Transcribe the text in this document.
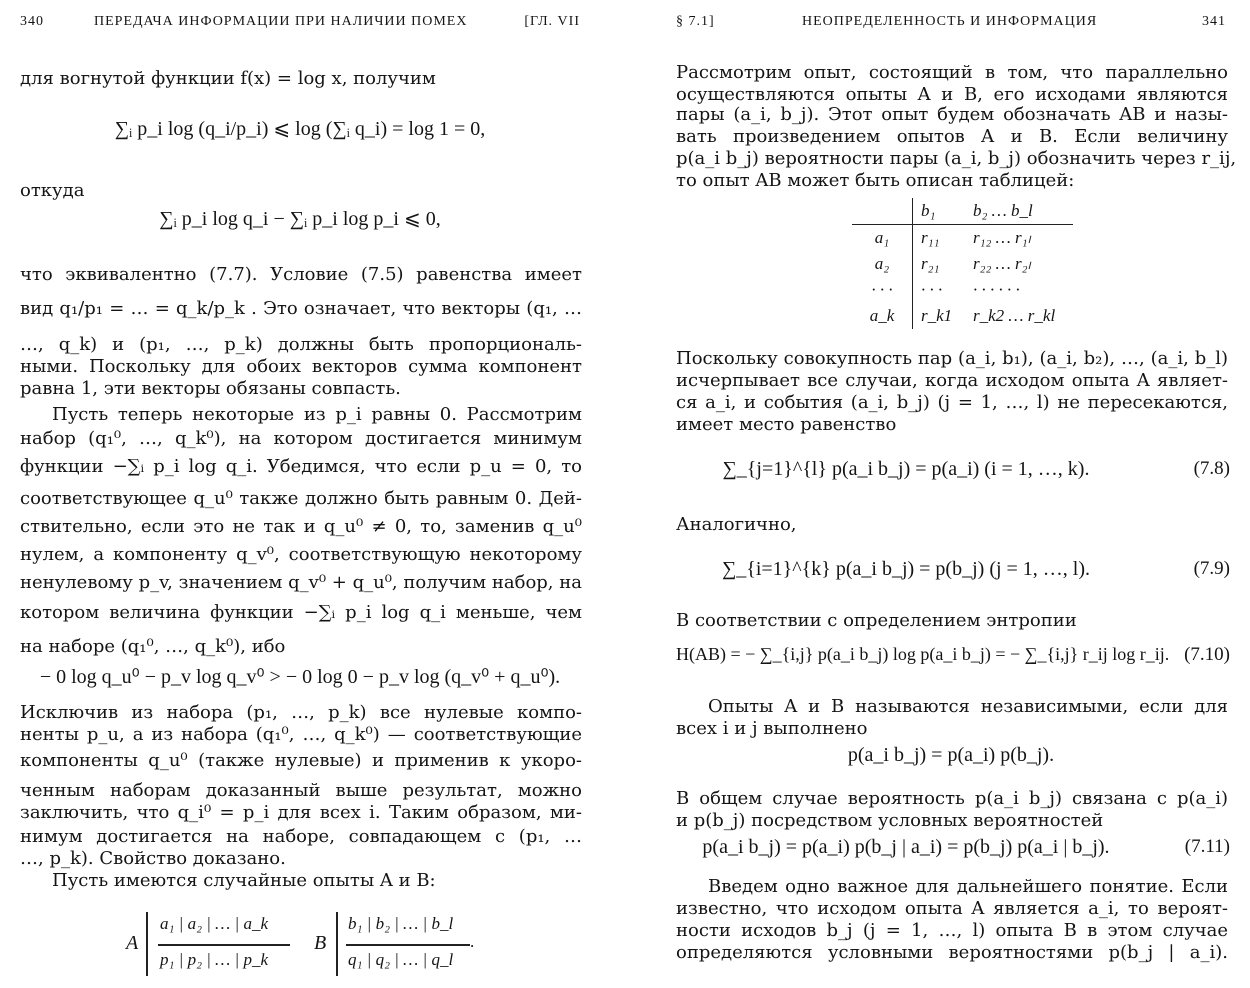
340	ПЕРЕДАЧА ИНФОРМАЦИИ ПРИ НАЛИЧИИ ПОМЕХ	[ГЛ. VII
для вогнутой функции f(x) = log x, получим
∑ᵢ p_i log (q_i/p_i) ⩽ log (∑ᵢ q_i) = log 1 = 0,
откуда
∑ᵢ p_i log q_i − ∑ᵢ p_i log p_i ⩽ 0,
что эквивалентно (7.7). Условие (7.5) равенства имеет
вид q₁/p₁ = … = q_k/p_k . Это означает, что векторы (q₁, …
…, q_k) и (p₁, …, p_k) должны быть пропорциональ-
ными. Поскольку для обоих векторов сумма компонент
равна 1, эти векторы обязаны совпасть.
Пусть теперь некоторые из p_i равны 0. Рассмотрим
набор (q₁⁰, …, q_k⁰), на котором достигается минимум
функции −∑ᵢ p_i log q_i. Убедимся, что если p_u = 0, то
соответствующее q_u⁰ также должно быть равным 0. Дей-
ствительно, если это не так и q_u⁰ ≠ 0, то, заменив q_u⁰
нулем, а компоненту q_v⁰, соответствующую некоторому
ненулевому p_v, значением q_v⁰ + q_u⁰, получим набор, на
котором величина функции −∑ᵢ p_i log q_i меньше, чем
на наборе (q₁⁰, …, q_k⁰), ибо
− 0 log q_u⁰ − p_v log q_v⁰ > − 0 log 0 − p_v log (q_v⁰ + q_u⁰).
Исключив из набора (p₁, …, p_k) все нулевые компо-
ненты p_u, а из набора (q₁⁰, …, q_k⁰) — соответствующие
компоненты q_u⁰ (также нулевые) и применив к укоро-
ченным наборам доказанный выше результат, можно
заключить, что q_i⁰ = p_i для всех i. Таким образом, ми-
нимум достигается на наборе, совпадающем с (p₁, …
…, p_k). Свойство доказано.
Пусть имеются случайные опыты A и B:
A
a₁ | a₂ | … | a_k
p₁ | p₂ | … | p_k
B
b₁ | b₂ | … | b_l
q₁ | q₂ | … | q_l
.
§ 7.1]	НЕОПРЕДЕЛЕННОСТЬ И ИНФОРМАЦИЯ	341
Рассмотрим опыт, состоящий в том, что параллельно
осуществляются опыты A и B, его исходами являются
пары (a_i, b_j). Этот опыт будем обозначать AB и назы-
вать произведением опытов A и B. Если величину
p(a_i b_j) вероятности пары (a_i, b_j) обозначить через r_ij,
то опыт AB может быть описан таблицей:
	b₁	b₂ … b_l
a₁	r₁₁	r₁₂ … r₁ₗ
a₂	r₂₁	r₂₂ … r₂ₗ
· · ·	· · ·	· · · · · ·
a_k	r_k1	r_k2 … r_kl
Поскольку совокупность пар (a_i, b₁), (a_i, b₂), …, (a_i, b_l)
исчерпывает все случаи, когда исходом опыта A являет-
ся a_i, и события (a_i, b_j) (j = 1, …, l) не пересекаются,
имеет место равенство
∑_{j=1}^{l} p(a_i b_j) = p(a_i) (i = 1, …, k).	(7.8)
Аналогично,
∑_{i=1}^{k} p(a_i b_j) = p(b_j) (j = 1, …, l).	(7.9)
В соответствии с определением энтропии
H(AB) = − ∑_{i,j} p(a_i b_j) log p(a_i b_j) = − ∑_{i,j} r_ij log r_ij. (7.10)
Опыты A и B называются независимыми, если для
всех i и j выполнено
p(a_i b_j) = p(a_i) p(b_j).
В общем случае вероятность p(a_i b_j) связана с p(a_i)
и p(b_j) посредством условных вероятностей
p(a_i b_j) = p(a_i) p(b_j | a_i) = p(b_j) p(a_i | b_j).	(7.11)
Введем одно важное для дальнейшего понятие. Если
известно, что исходом опыта A является a_i, то вероят-
ности исходов b_j (j = 1, …, l) опыта B в этом случае
определяются условными вероятностями p(b_j | a_i).
